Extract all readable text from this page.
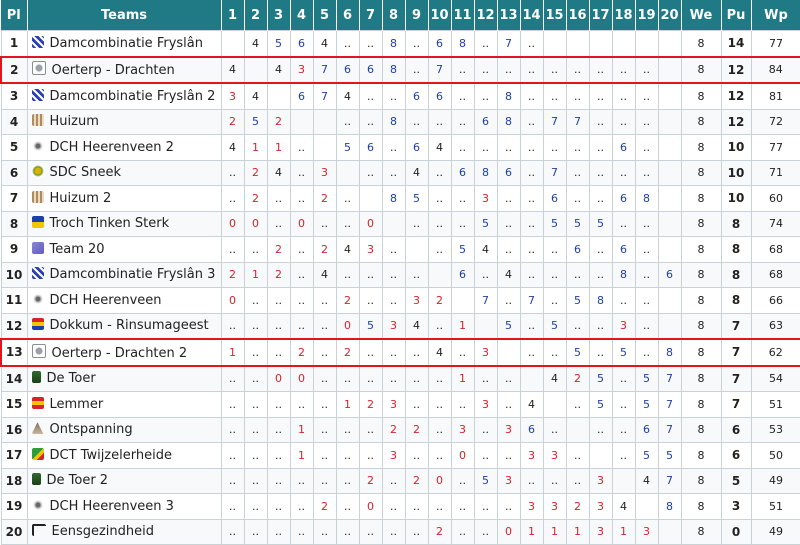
Pl	Teams	1	2	3	4	5	6	7	8	9	10	11	12	13	14	15	16	17	18	19	20	We	Pu	Wp
1	Damcombinatie Fryslân		4	5	6	4	..	..	8	..	6	8	..	7	..							8	14	77
2	Oerterp - Drachten	4		4	3	7	6	6	8	..	7	..	..	..	..	..	..	..	..	..		8	12	84
3	Damcombinatie Fryslân 2	3	4		6	7	4	..	..	6	6	..	..	8	..	..	..	..	..	..		8	12	81
4	Huizum	2	5	2			..	..	8	..	..	..	6	8	..	7	7	..	..	..		8	12	72
5	DCH Heerenveen 2	4	1	1	..		5	6	..	6	4	..	..	..	..	..	..	..	6	..		8	10	77
6	SDC Sneek	..	2	4	..	3		..	..	4	..	6	8	6	..	7	..	..	..	..		8	10	71
7	Huizum 2	..	2	..	..	2	..		8	5	..	..	3	..	..	6	..	..	6	8		8	10	60
8	Troch Tinken Sterk	0	0	..	0	..	..	0		..	..	..	5	..	..	5	5	5	..	..		8	8	74
9	Team 20	..	..	2	..	2	4	3	..		..	5	4	..	..	..	6	..	6	..		8	8	68
10	Damcombinatie Fryslân 3	2	1	2	..	4	..	..	..	..		6	..	4	..	..	..	..	8	..	6	8	8	68
11	DCH Heerenveen	0	..	..	..	..	2	..	..	3	2		7	..	7	..	5	8	..	..		8	8	66
12	Dokkum - Rinsumageest	..	..	..	..	..	0	5	3	4	..	1		5	..	5	..	..	3	..		8	7	63
13	Oerterp - Drachten 2	1	..	..	2	..	2	..	..	..	4	..	3		..	..	5	..	5	..	8	8	7	62
14	De Toer	..	..	0	0	..	..	..	..	..	..	1	..	..		4	2	5	..	5	7	8	7	54
15	Lemmer	..	..	..	..	..	1	2	3	..	..	..	3	..	4		..	5	..	5	7	8	7	51
16	Ontspanning	..	..	..	1	..	..	..	2	2	..	3	..	3	6	..		..	..	6	7	8	6	53
17	DCT Twijzelerheide	..	..	..	1	..	..	..	3	..	..	0	..	..	3	3	..		..	5	5	8	6	50
18	De Toer 2	..	..	..	..	..	..	2	..	2	0	..	5	3	..	..	..	3		4	7	8	5	49
19	DCH Heerenveen 3	..	..	..	..	2	..	0	..	..	..	..	..	..	3	3	2	3	4		8	8	3	51
20	Eensgezindheid	..	..	..	..	..	..	..	..	..	2	..	..	0	1	1	1	3	1	3		8	0	49
